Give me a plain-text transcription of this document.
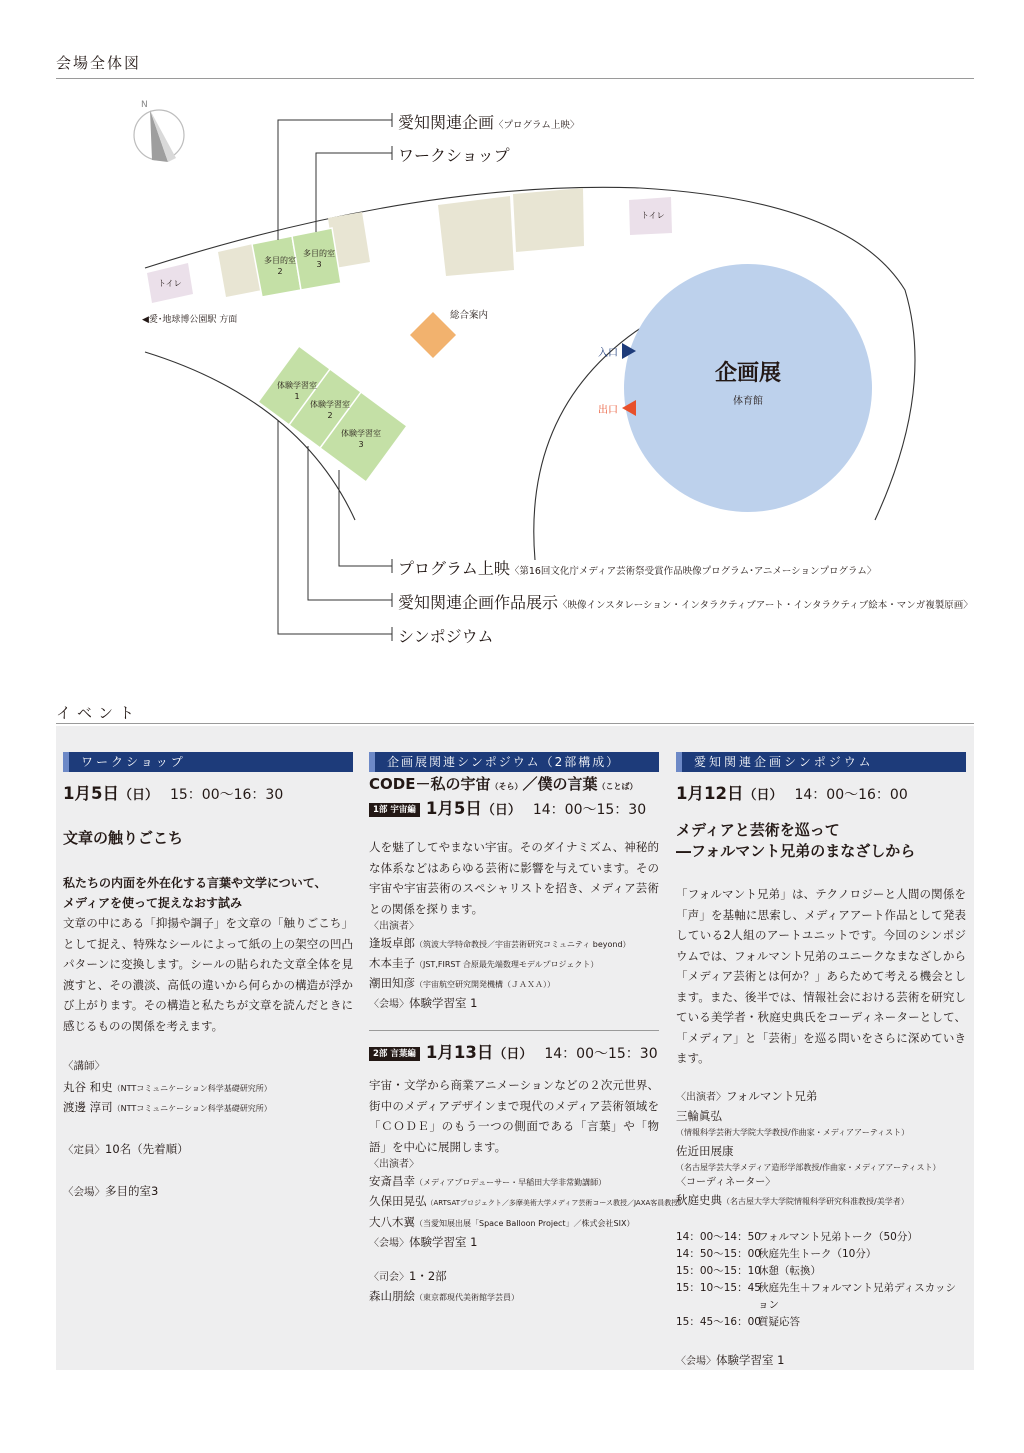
会場全体図
N
愛知関連企画〈プログラム上映〉
ワークショップ
プログラム上映〈第16回文化庁メディア芸術祭受賞作品映像プログラム･アニメーションプログラム〉
愛知関連企画作品展示〈映像インスタレーション・インタラクティブアート・インタラクティブ絵本・マンガ複製原画〉
シンポジウム
トイレ
トイレ
多目的室
2
多目的室
3
◀愛･地球博公園駅 方面	総合案内
体験学習室
1
体験学習室
2
体験学習室
3
企画展
体育館
入口
出口
イベント
ワークショップ
1月5日（日） 15：00〜16：30
文章の触りごこち
私たちの内面を外在化する言葉や文学について、
メディアを使って捉えなおす試み
文章の中にある「抑揚や調子」を文章の「触りごこち」として捉え、特殊なシールによって紙の上の架空の凹凸パターンに変換します。シールの貼られた文章全体を見渡すと、その濃淡、高低の違いから何らかの構造が浮かび上がります。その構造と私たちが文章を読んだときに感じるものの関係を考えます。
〈講師〉
丸谷 和史（NTTコミュニケーション科学基礎研究所）
渡邊 淳司（NTTコミュニケーション科学基礎研究所）
〈定員〉10名（先着順）
〈会場〉多目的室3
企画展関連シンポジウム（2部構成）
CODE－私の宇宙（そら）／僕の言葉（ことば）
1部 宇宙編 1月5日（日） 14：00〜15：30
人を魅了してやまない宇宙。そのダイナミズム、神秘的な体系などはあらゆる芸術に影響を与えています。その宇宙や宇宙芸術のスペシャリストを招き、メディア芸術との関係を探ります。
〈出演者〉
逢坂卓郎（筑波大学特命教授／宇宙芸術研究コミュニティ beyond）
木本圭子（JST,FIRST 合原最先端数理モデルプロジェクト）
潮田知彦（宇宙航空研究開発機構（ＪＡＸＡ））
〈会場〉体験学習室 1
2部 言葉編 1月13日（日） 14：00〜15：30
宇宙・文学から商業アニメーションなどの２次元世界、街中のメディアデザインまで現代のメディア芸術領域を「ＣＯＤＥ」のもう一つの側面である「言葉」や「物語」を中心に展開します。
〈出演者〉
安斎昌幸（メディアプロデューサー・早稲田大学非常勤講師）
久保田晃弘（ARTSATプロジェクト／多摩美術大学メディア芸術コース教授／JAXA客員教授）
大八木翼（当愛知展出展「Space Balloon Project」／株式会社SIX）
〈会場〉体験学習室 1
〈司会〉1・2部
森山朋絵（東京都現代美術館学芸員）
愛知関連企画シンポジウム
1月12日（日） 14：00〜16：00
メディアと芸術を巡って
―フォルマント兄弟のまなざしから
「フォルマント兄弟」は、テクノロジーと人間の関係を「声」を基軸に思索し、メディアアート作品として発表している2人組のアートユニットです。今回のシンポジウムでは、フォルマント兄弟のユニークなまなざしから「メディア芸術とは何か？」あらためて考える機会とします。また、後半では、情報社会における芸術を研究している美学者・秋庭史典氏をコーディネーターとして、「メディア」と「芸術」を巡る問いをさらに深めていきます。
〈出演者〉フォルマント兄弟
三輪眞弘
（情報科学芸術大学院大学教授/作曲家・メディアアーティスト）
佐近田展康
（名古屋学芸大学メディア造形学部教授/作曲家・メディアアーティスト）
〈コーディネーター〉
秋庭史典（名古屋大学大学院情報科学研究科准教授/美学者）
14：00〜14：50
フォルマント兄弟トーク（50分）
14：50〜15：00
秋庭先生トーク（10分）
15：00〜15：10
休憩（転換）
15：10〜15：45
秋庭先生＋フォルマント兄弟ディスカッション
15：45〜16：00
質疑応答
〈会場〉体験学習室 1
